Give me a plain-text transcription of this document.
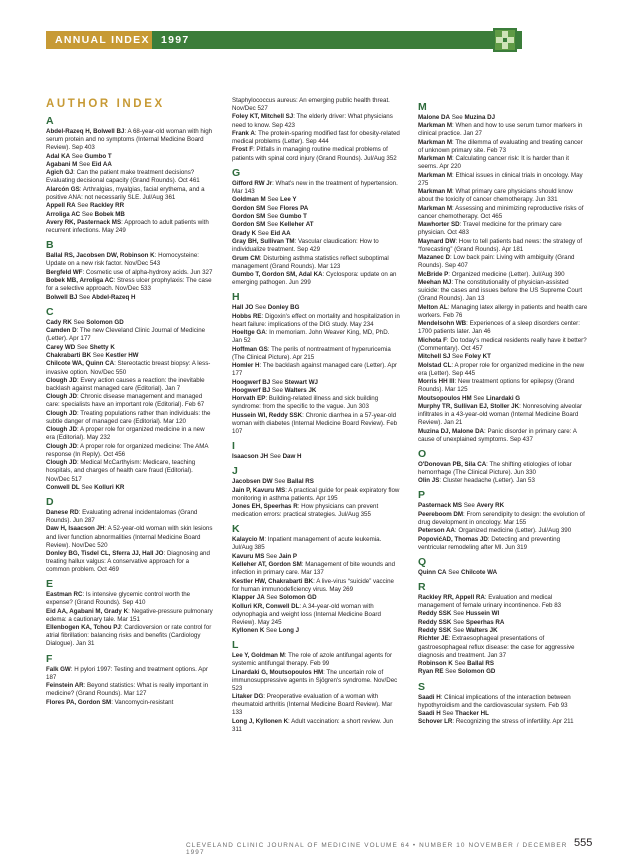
ANNUAL INDEX 1997
AUTHOR INDEX
A
Abdel-Razeq H, Bolwell BJ: A 68-year-old woman with high serum protein and no symptoms (Internal Medicine Board Review). Sep 403
Adal KA See Gumbo T
Agabani M See Eid AA
Agich GJ: Can the patient make treatment decisions? Evaluating decisional capacity (Grand Rounds). Oct 461
Alarcón GS: Arthralgias, myalgias, facial erythema, and a positive ANA: not necessarily SLE. Jul/Aug 361
Appell RA See Rackley RR
Arroliga AC See Bobek MB
Avery RK, Pasternack MS: Approach to adult patients with recurrent infections. May 249
B
Ballal RS, Jacobsen DW, Robinson K: Homocysteine: Update on a new risk factor. Nov/Dec 543
Bergfeld WF: Cosmetic use of alpha-hydroxy acids. Jun 327
Bobek MB, Arroliga AC: Stress ulcer prophylaxis: The case for a selective approach. Nov/Dec 533
Bolwell BJ See Abdel-Razeq H
C
Cady RK See Solomon GD
Camden D: The new Cleveland Clinic Journal of Medicine (Letter). Apr 177
Carey WD See Shetty K
Chakrabarti BK See Kestler HW
Chilcote WA, Quinn CA: Stereotactic breast biopsy: A less-invasive option. Nov/Dec 550
Clough JD: Every action causes a reaction: the inevitable backlash against managed care (Editorial). Jan 7
Clough JD: Chronic disease management and managed care: specialists have an important role (Editorial). Feb 67
Clough JD: Treating populations rather than individuals: the subtle danger of managed care (Editorial). Mar 120
Clough JD: A proper role for organized medicine in a new era (Editorial). May 232
Clough JD: A proper role for organized medicine: The AMA response (In Reply). Oct 456
Clough JD: Medical McCarthyism: Medicare, teaching hospitals, and charges of health care fraud (Editorial). Nov/Dec 517
Conwell DL See Kolluri KR
D
Danese RD: Evaluating adrenal incidentalomas (Grand Rounds). Jun 287
Daw H, Isaacson JH: A 52-year-old woman with skin lesions and liver function abnormalities (Internal Medicine Board Review). Nov/Dec 520
Donley BG, Tisdel CL, Sferra JJ, Hall JO: Diagnosing and treating hallux valgus: A conservative approach for a common problem. Oct 469
E
Eastman RC: Is intensive glycemic control worth the expense? (Grand Rounds). Sep 410
Eid AA, Agabani M, Grady K: Negative-pressure pulmonary edema: a cautionary tale. Mar 151
Ellenbogen KA, Tchou PJ: Cardioversion or rate control for atrial fibrillation: balancing risks and benefits (Cardiology Dialogue). Jan 31
F
Falk GW: H pylori 1997: Testing and treatment options. Apr 187
Feinstein AR: Beyond statistics: What is really important in medicine? (Grand Rounds). Mar 127
Flores PA, Gordon SM: Vancomycin-resistant
Staphylococcus aureus: An emerging public health threat. Nov/Dec 527
Foley KT, Mitchell SJ: The elderly driver: What physicians need to know. Sep 423
Frank A: The protein-sparing modified fast for obesity-related medical problems (Letter). Sep 444
Frost F: Pitfalls in managing routine medical problems of patients with spinal cord injury (Grand Rounds). Jul/Aug 352
G
Gifford RW Jr: What's new in the treatment of hypertension. Mar 143
Goldman M See Lee Y
Gordon SM See Flores PA
Gordon SM See Gumbo T
Gordon SM See Kelleher AT
Grady K See Eid AA
Gray BH, Sullivan TM: Vascular claudication: How to individualize treatment. Sep 429
Grum CM: Disturbing asthma statistics reflect suboptimal management (Grand Rounds). Mar 123
Gumbo T, Gordon SM, Adal KA: Cyclospora: update on an emerging pathogen. Jun 299
H
Hall JO See Donley BG
Hobbs RE: Digoxin's effect on mortality and hospitalization in heart failure: implications of the DIG study. May 234
Hoeltge GA: In memoriam. John Weaver King, MD, PhD. Jan 52
Hoffman GS: The perils of nontreatment of hyperuricemia (The Clinical Picture). Apr 215
Homler H: The backlash against managed care (Letter). Apr 177
Hoogwerf BJ See Stewart WJ
Hoogwerf BJ See Walters JK
Horvath EP: Building-related illness and sick building syndrome: from the specific to the vague. Jun 303
Hussein WI, Reddy SSK: Chronic diarrhea in a 57-year-old woman with diabetes (Internal Medicine Board Review). Feb 107
I
Isaacson JH See Daw H
J
Jacobsen DW See Ballal RS
Jain P, Kavuru MS: A practical guide for peak expiratory flow monitoring in asthma patients. Apr 195
Jones EH, Speerhas R: How physicians can prevent medication errors: practical strategies. Jul/Aug 355
K
Kalaycio M: Inpatient management of acute leukemia. Jul/Aug 385
Kavuru MS See Jain P
Kelleher AT, Gordon SM: Management of bite wounds and infection in primary care. Mar 137
Kestler HW, Chakrabarti BK: A live-virus “suicide” vaccine for human immunodeficiency virus. May 269
Klapper JA See Solomon GD
Kolluri KR, Conwell DL: A 34-year-old woman with odynophagia and weight loss (Internal Medicine Board Review). May 245
Kyllonen K See Long J
L
Lee Y, Goldman M: The role of azole antifungal agents for systemic antifungal therapy. Feb 99
Linardaki G, Moutsopoulos HM: The uncertain role of immunosuppressive agents in Sjögren's syndrome. Nov/Dec 523
Litaker DG: Preoperative evaluation of a woman with rheumatoid arthritis (Internal Medicine Board Review). Mar 133
Long J, Kyllonen K: Adult vaccination: a short review. Jun 311
M
Malone DA See Muzina DJ
Markman M: When and how to use serum tumor markers in clinical practice. Jan 27
Markman M: The dilemma of evaluating and treating cancer of unknown primary site. Feb 73
Markman M: Calculating cancer risk: It is harder than it seems. Apr 220
Markman M: Ethical issues in clinical trials in oncology. May 275
Markman M: What primary care physicians should know about the toxicity of cancer chemotherapy. Jun 331
Markman M: Assessing and minimizing reproductive risks of cancer chemotherapy. Oct 465
Mawhorter SD: Travel medicine for the primary care physician. Oct 483
Maynard DW: How to tell patients bad news: the strategy of “forecasting” (Grand Rounds). Apr 181
Mazanec D: Low back pain: Living with ambiguity (Grand Rounds). Sep 407
McBride P: Organized medicine (Letter). Jul/Aug 390
Meehan MJ: The constitutionality of physician-assisted suicide: the cases and issues before the US Supreme Court (Grand Rounds). Jan 13
Melton AL: Managing latex allergy in patients and health care workers. Feb 76
Mendelsohn WB: Experiences of a sleep disorders center: 1700 patients later. Jan 46
Michota F: Do today's medical residents really have it better? (Commentary). Oct 457
Mitchell SJ See Foley KT
Molstad CL: A proper role for organized medicine in the new era (Letter). Sep 445
Morris HH III: New treatment options for epilepsy (Grand Rounds). Mar 125
Moutsopoulos HM See Linardaki G
Murphy TR, Sullivan EJ, Stoller JK: Nonresolving alveolar infiltrates in a 43-year-old woman (Internal Medicine Board Review). Jan 21
Muzina DJ, Malone DA: Panic disorder in primary care: A cause of unexplained symptoms. Sep 437
O
O'Donovan PB, Sila CA: The shifting etiologies of lobar hemorrhage (The Clinical Picture). Jun 330
Olin JS: Cluster headache (Letter). Jan 53
P
Pasternack MS See Avery RK
Peereboom DM: From serendipity to design: the evolution of drug development in oncology. Mar 155
Peterson AA: Organized medicine (Letter). Jul/Aug 390
PopovićAD, Thomas JD: Detecting and preventing ventricular remodeling after MI. Jun 319
Q
Quinn CA See Chilcote WA
R
Rackley RR, Appell RA: Evaluation and medical management of female urinary incontinence. Feb 83
Reddy SSK See Hussein WI
Reddy SSK See Speerhas RA
Reddy SSK See Walters JK
Richter JE: Extraesophageal presentations of gastroesophageal reflux disease: the case for aggressive diagnosis and treatment. Jan 37
Robinson K See Ballal RS
Ryan RE See Solomon GD
S
Saadi H: Clinical implications of the interaction between hypothyroidism and the cardiovascular system. Feb 93
Saadi H See Thacker HL
Schover LR: Recognizing the stress of infertility. Apr 211
CLEVELAND CLINIC JOURNAL OF MEDICINE VOLUME 64 • NUMBER 10 NOVEMBER / DECEMBER 1997
555
